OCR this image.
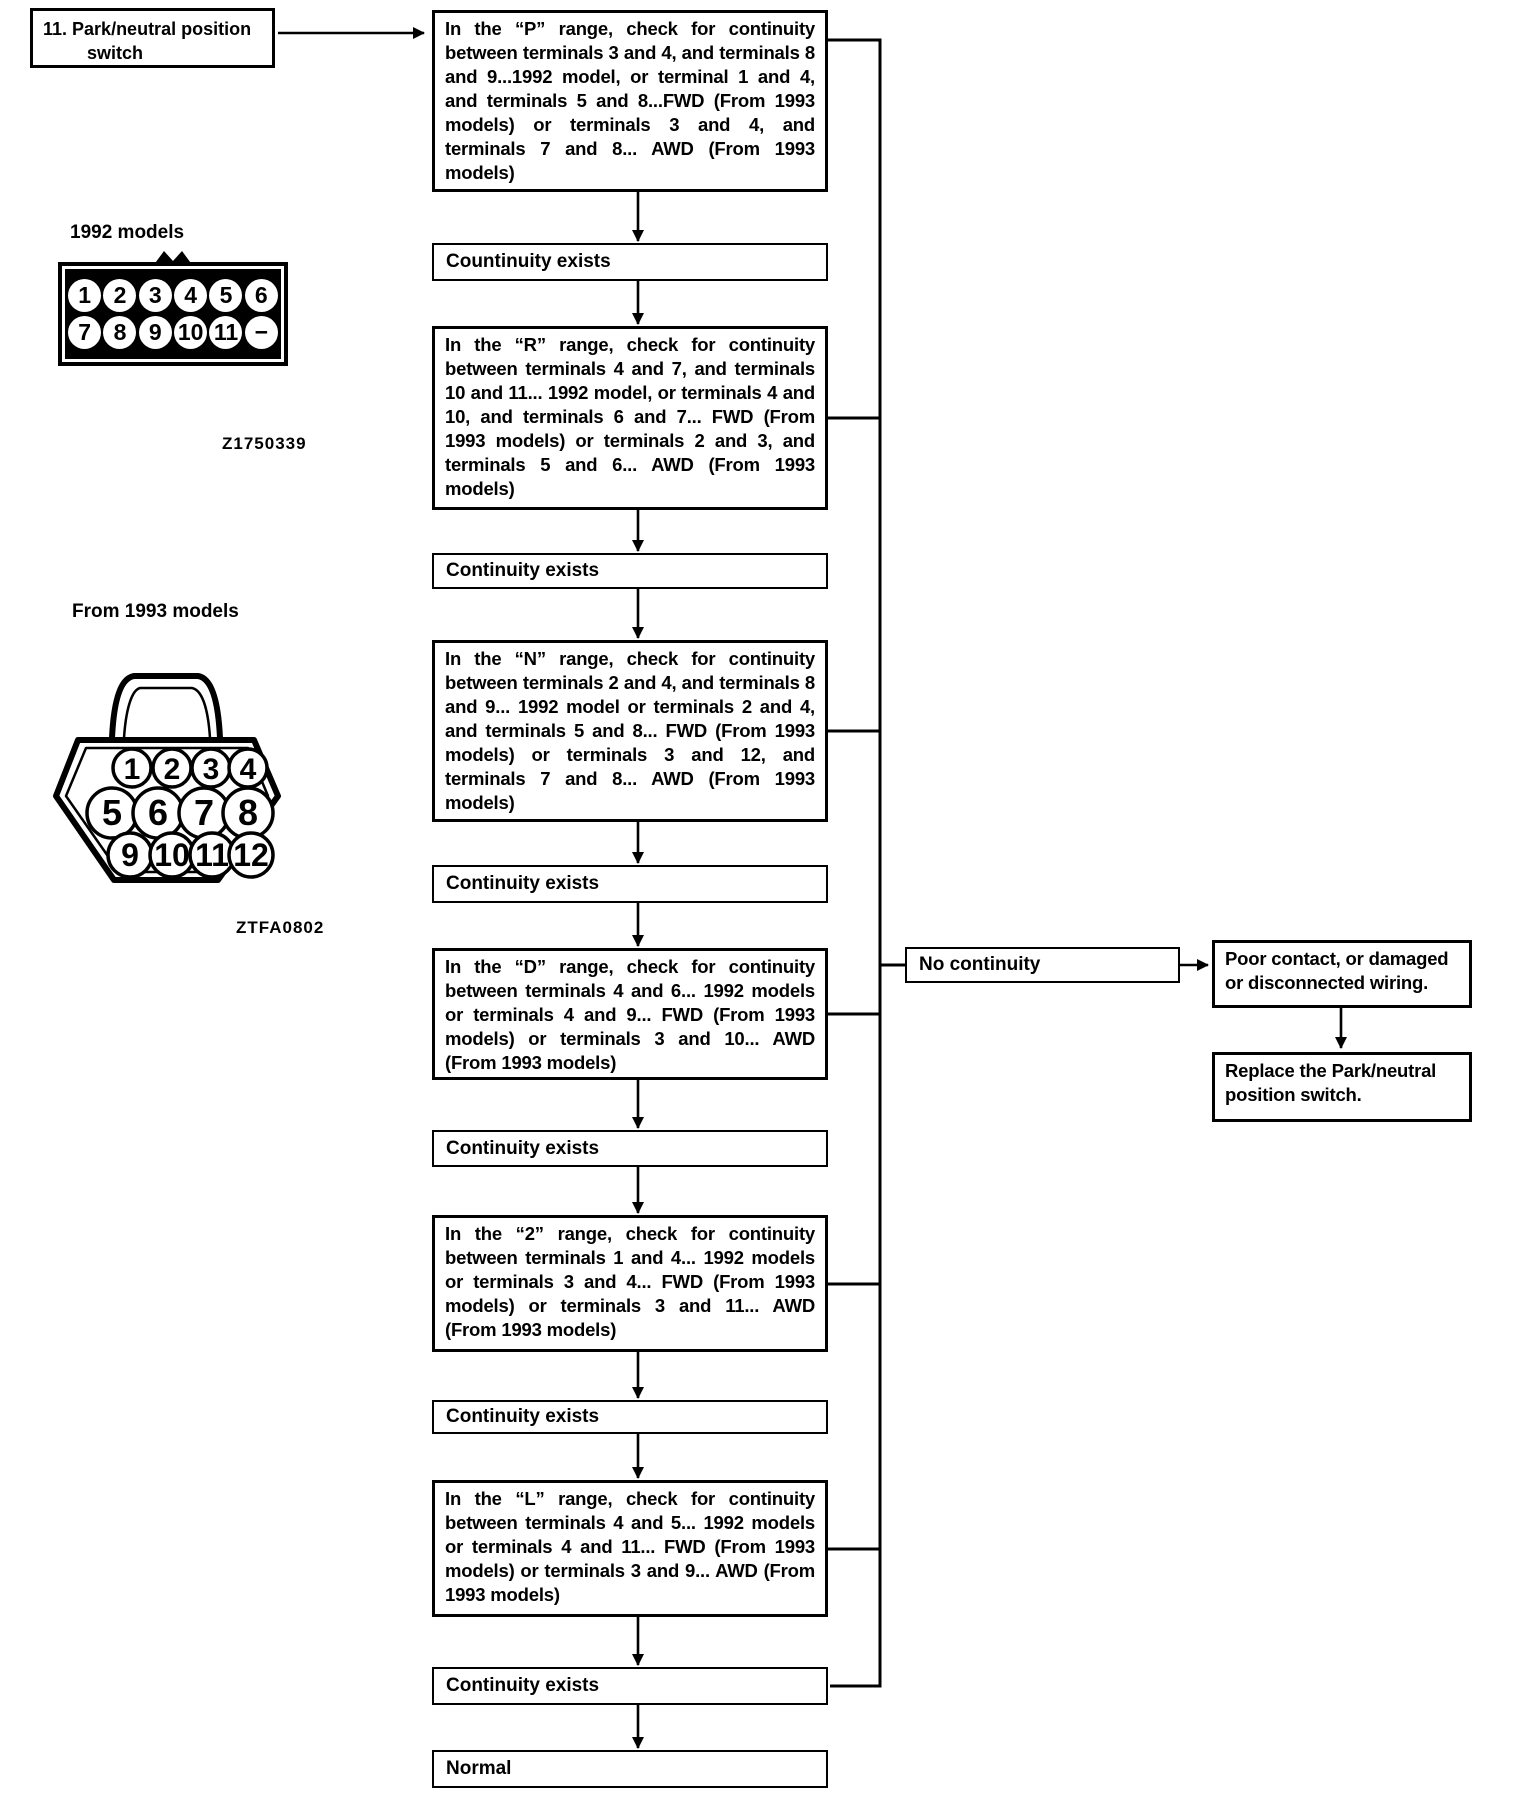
11. Park/neutral position switch
1992 models
1 2 3 4 5 6
7 8 9 10 11 −
Z1750339
From 1993 models
1 2 3 4
5 6 7 8
9 10 11 12
ZTFA0802
In the “P” range, check for continuity between terminals 3 and 4, and terminals 8 and 9...1992 model, or terminal 1 and 4, and terminals 5 and 8...FWD (From 1993 models) or terminals 3 and 4, and terminals 7 and 8... AWD (From 1993 models)
Countinuity exists
In the “R” range, check for continuity between terminals 4 and 7, and terminals 10 and 11... 1992 model, or terminals 4 and 10, and terminals 6 and 7... FWD (From 1993 models) or terminals 2 and 3, and terminals 5 and 6... AWD (From 1993 models)
Continuity exists
In the “N” range, check for continuity between terminals 2 and 4, and terminals 8 and 9... 1992 model or terminals 2 and 4, and terminals 5 and 8... FWD (From 1993 models) or terminals 3 and 12, and terminals 7 and 8... AWD (From 1993 models)
Continuity exists
In the “D” range, check for continuity between terminals 4 and 6... 1992 models or terminals 4 and 9... FWD (From 1993 models) or terminals 3 and 10... AWD (From 1993 models)
Continuity exists
In the “2” range, check for continuity between terminals 1 and 4... 1992 models or terminals 3 and 4... FWD (From 1993 models) or terminals 3 and 11... AWD (From 1993 models)
Continuity exists
In the “L” range, check for continuity between terminals 4 and 5... 1992 models or terminals 4 and 11... FWD (From 1993 models) or terminals 3 and 9... AWD (From 1993 models)
Continuity exists
Normal
No continuity	Poor contact, or damaged or disconnected wiring.
Replace the Park/neutral position switch.
